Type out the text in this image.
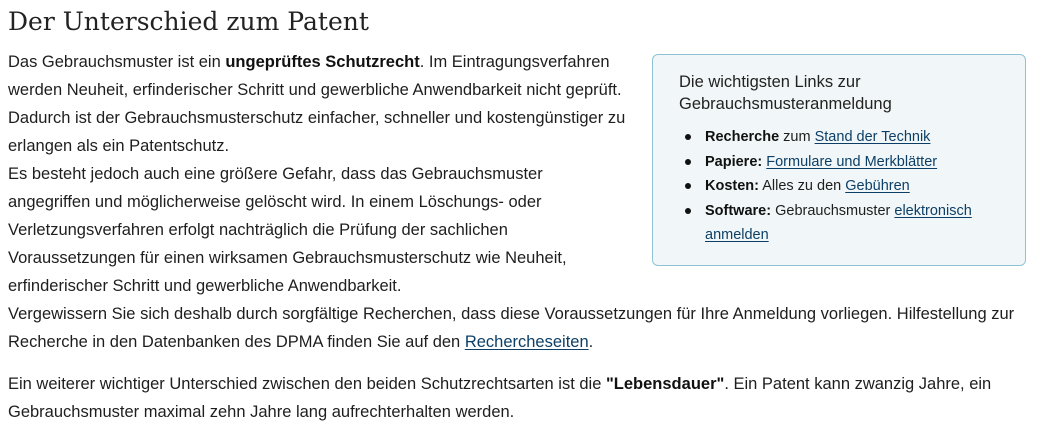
Der Unterschied zum Patent
Das Gebrauchsmuster ist ein ungeprüftes Schutzrecht. Im Eintragungsverfahren werden Neuheit, erfinderischer Schritt und gewerbliche Anwendbarkeit nicht geprüft. Dadurch ist der Gebrauchsmusterschutz einfacher, schneller und kostengünstiger zu erlangen als ein Patentschutz.
Es besteht jedoch auch eine größere Gefahr, dass das Gebrauchsmuster angegriffen und möglicherweise gelöscht wird. In einem Löschungs- oder Verletzungsverfahren erfolgt nachträglich die Prüfung der sachlichen Voraussetzungen für einen wirksamen Gebrauchsmusterschutz wie Neuheit, erfinderischer Schritt und gewerbliche Anwendbarkeit.
Vergewissern Sie sich deshalb durch sorgfältige Recherchen, dass diese Voraussetzungen für Ihre Anmeldung vorliegen. Hilfestellung zur Recherche in den Datenbanken des DPMA finden Sie auf den Rechercheseiten.
Ein weiterer wichtiger Unterschied zwischen den beiden Schutzrechtsarten ist die "Lebensdauer". Ein Patent kann zwanzig Jahre, ein Gebrauchsmuster maximal zehn Jahre lang aufrechterhalten werden.
Die wichtigsten Links zur Gebrauchsmusteranmeldung
Recherche zum Stand der Technik
Papiere: Formulare und Merkblätter
Kosten: Alles zu den Gebühren
Software: Gebrauchsmuster elektronisch anmelden
